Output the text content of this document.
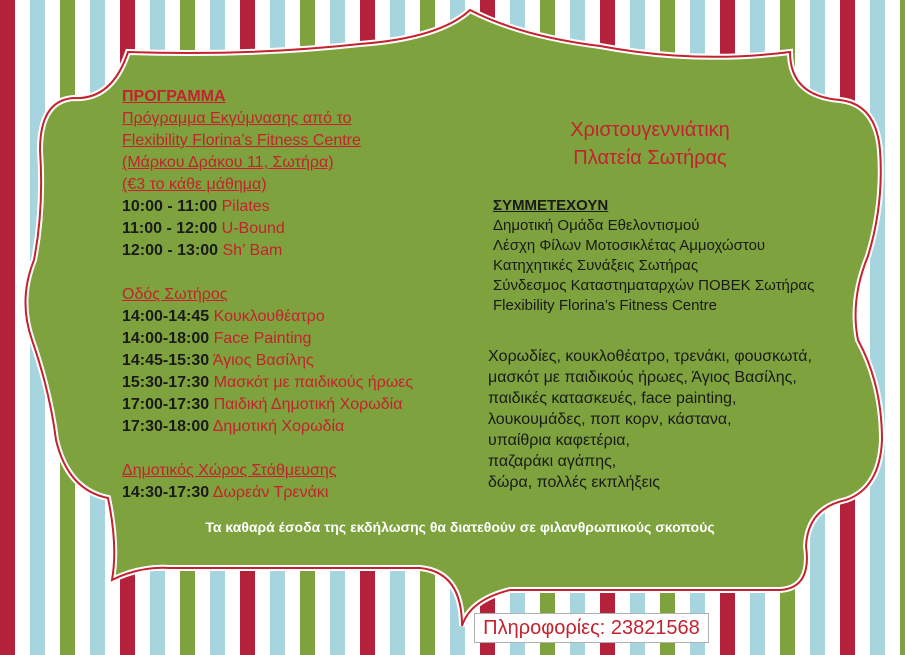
ΠΡΟΓΡΑΜΜΑ
Πρόγραμμα Εκγύμνασης από το
Flexibility Florina’s Fitness Centre
(Μάρκου Δράκου 11, Σωτήρα)
(€3 το κάθε μάθημα)
10:00 - 11:00 Pilates
11:00 - 12:00 U-Bound
12:00 - 13:00 Sh’ Bam
Οδός Σωτήρος
14:00-14:45 Κουκλουθέατρο
14:00-18:00 Face Painting
14:45-15:30 Άγιος Βασίλης
15:30-17:30 Μασκότ με παιδικούς ήρωες
17:00-17:30 Παιδική Δημοτική Χορωδία
17:30-18:00 Δημοτική Χορωδία
Δημοτικός Χώρος Στάθμευσης
14:30-17:30 Δωρεάν Τρενάκι
Χριστουγεννιάτικη
Πλατεία Σωτήρας
ΣΥΜΜΕΤΕΧΟΥΝ
Δημοτική Ομάδα Εθελοντισμού
Λέσχη Φίλων Μοτοσικλέτας Αμμοχώστου
Κατηχητικές Συνάξεις Σωτήρας
Σύνδεσμος Καταστηματαρχών ΠΟΒΕΚ Σωτήρας
Flexibility Florina’s Fitness Centre
Χορωδίες, κουκλοθέατρο, τρενάκι, φουσκωτά,
μασκότ με παιδικούς ήρωες, Άγιος Βασίλης,
παιδικές κατασκευές, face painting,
λουκουμάδες, ποπ κορν, κάστανα,
υπαίθρια καφετέρια,
παζαράκι αγάπης,
δώρα, πολλές εκπλήξεις
Τα καθαρά έσοδα της εκδήλωσης θα διατεθούν σε φιλανθρωπικούς σκοπούς
Πληροφορίες: 23821568
